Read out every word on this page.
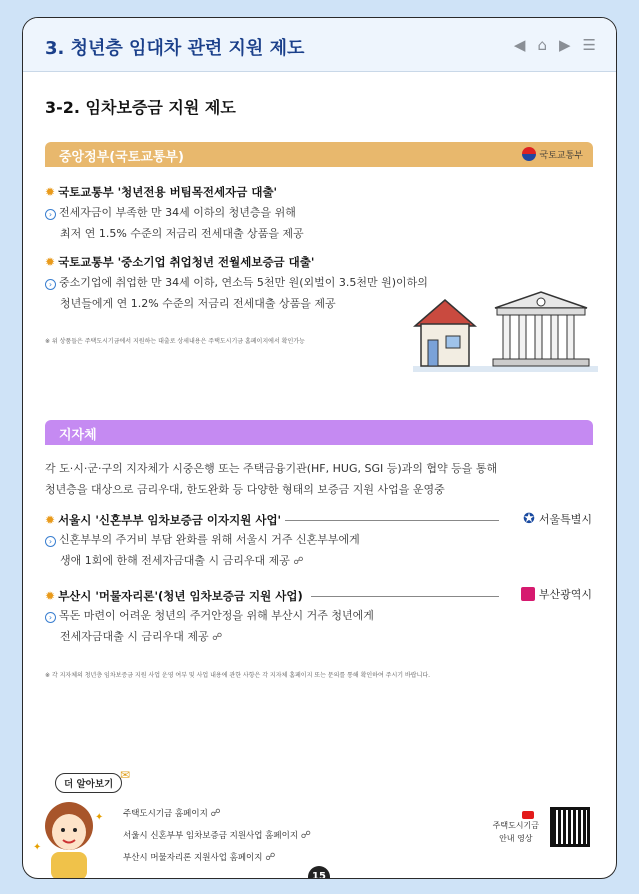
3. 청년층 임대차 관련 지원 제도	◀ ⌂ ▶ ☰
3-2. 임차보증금 지원 제도
중앙정부(국토교통부)	국토교통부
✹ 국토교통부 '청년전용 버팀목전세자금 대출'
› 전세자금이 부족한 만 34세 이하의 청년층을 위해
최저 연 1.5% 수준의 저금리 전세대출 상품을 제공
✹ 국토교통부 '중소기업 취업청년 전월세보증금 대출'
› 중소기업에 취업한 만 34세 이하, 연소득 5천만 원(외벌이 3.5천만 원)이하의
청년들에게 연 1.2% 수준의 저금리 전세대출 상품을 제공
※ 위 상품들은 주택도시기금에서 지원하는 대출로 상세내용은 주택도시기금 홈페이지에서 확인가능
지자체
각 도·시·군·구의 지자체가 시중은행 또는 주택금융기관(HF, HUG, SGI 등)과의 협약 등을 통해
청년층을 대상으로 금리우대, 한도완화 등 다양한 형태의 보증금 지원 사업을 운영중
✹ 서울시 '신혼부부 임차보증금 이자지원 사업'	✪ 서울특별시
› 신혼부부의 주거비 부담 완화를 위해 서울시 거주 신혼부부에게
생애 1회에 한해 전세자금대출 시 금리우대 제공 ☍
✹ 부산시 '머물자리론'(청년 임차보증금 지원 사업)	부산광역시
› 목돈 마련이 어려운 청년의 주거안정을 위해 부산시 거주 청년에게
전세자금대출 시 금리우대 제공 ☍
※ 각 지자체의 청년층 임차보증금 지원 사업 운영 여부 및 사업 내용에 관한 사항은 각 지자체 홈페이지 또는 문의를 통해 확인하여 주시기 바랍니다.
더 알아보기
✉
✦
✦ 주택도시기금 홈페이지 ☍
서울시 신혼부부 임차보증금 지원사업 홈페이지 ☍
부산시 머물자리론 지원사업 홈페이지 ☍
주택도시기금
안내 영상
15
